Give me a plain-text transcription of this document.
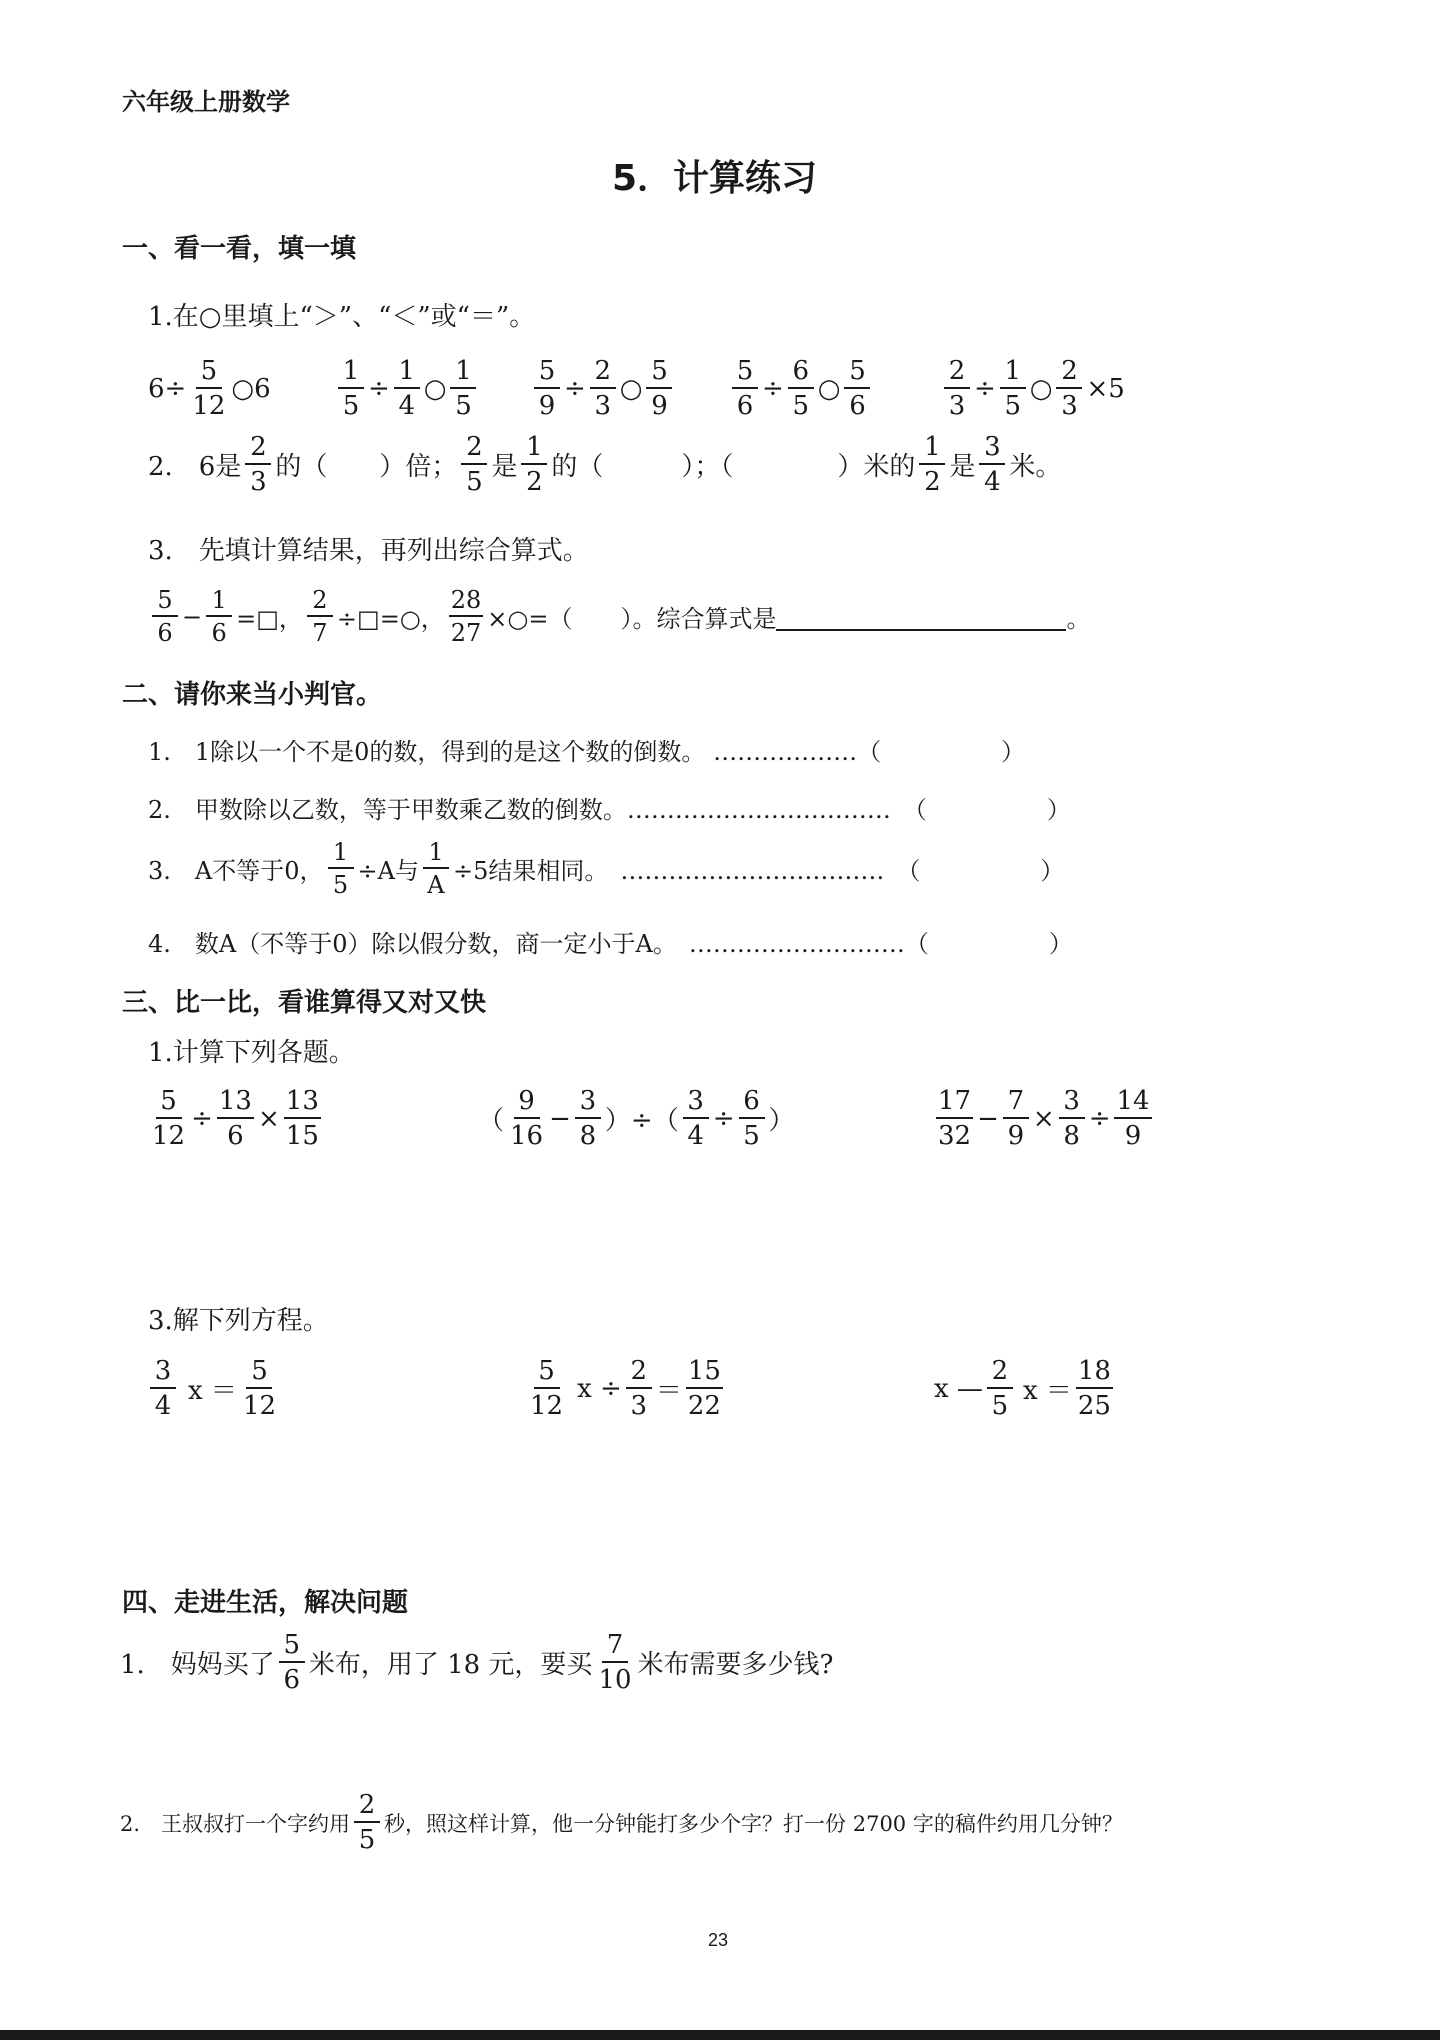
六年级上册数学
5．计算练习
一、看一看，填一填
1.在○里填上“＞”、“＜”或“＝”。
$6\div \frac{5}{12}$ ○6	$\frac{1}{5} \div \frac{1}{4}$ ○ $\frac{1}{5} \frac{5}{9} \div \frac{2}{3}$ ○ $\frac{5}{9} \frac{5}{6} \div \frac{6}{5}$ ○ $\frac{5}{6}$	$\frac{2}{3} \div \frac{1}{5}$ ○ $\frac{2}{3} \times 5$
2.　6是 $\frac{2}{3}$ 的（　　）倍； $\frac{2}{5}$ 是 $\frac{1}{2}$ 的（　　　）；（　　　　）米的 $\frac{1}{2}$ 是 $\frac{3}{4}$ 米。
3.　先填计算结果，再列出综合算式。
$\frac{5}{6} - \frac{1}{6}$ =□， $\frac{2}{7}$ ÷□=○， $\frac{28}{27}$ ×○=（　　）。综合算式是	。
二、请你来当小判官。
1.　1除以一个不是0的数，得到的是这个数的倒数。 ………………（　　　　　）
2.　甲数除以乙数，等于甲数乘乙数的倒数。……………………………　（　　　　　）
3.　A不等于0， $\frac{1}{5} \div A$与 $\frac{1}{A} \div 5$结果相同。　……………………………　（　　　　　）
4.　数A（不等于0）除以假分数，商一定小于A。　………………………（　　　　　）
三、比一比，看谁算得又对又快
1.计算下列各题。
$\frac{5}{12} \div \frac{13}{6} \times \frac{13}{15}$	（ $\frac{9}{16} - \frac{3}{8}$ ）÷（ $\frac{3}{4} \div \frac{6}{5}$ ）	$\frac{17}{32} - \frac{7}{9} \times \frac{3}{8} \div \frac{14}{9}$
3.解下列方程。
$\frac{3}{4}$ $x = \frac{5}{12}$	$\frac{5}{12}$ $x \div \frac{2}{3} = \frac{15}{22}$	x — $\frac{2}{5}$ $x = \frac{18}{25}$
四、走进生活，解决问题
1.　妈妈买了 $\frac{5}{6}$ 米布，用了 18 元，要买 $\frac{7}{10}$ 米布需要多少钱?
2.　王叔叔打一个字约用 $\frac{2}{5}$ 秒，照这样计算，他一分钟能打多少个字？打一份 2700 字的稿件约用几分钟？
23
